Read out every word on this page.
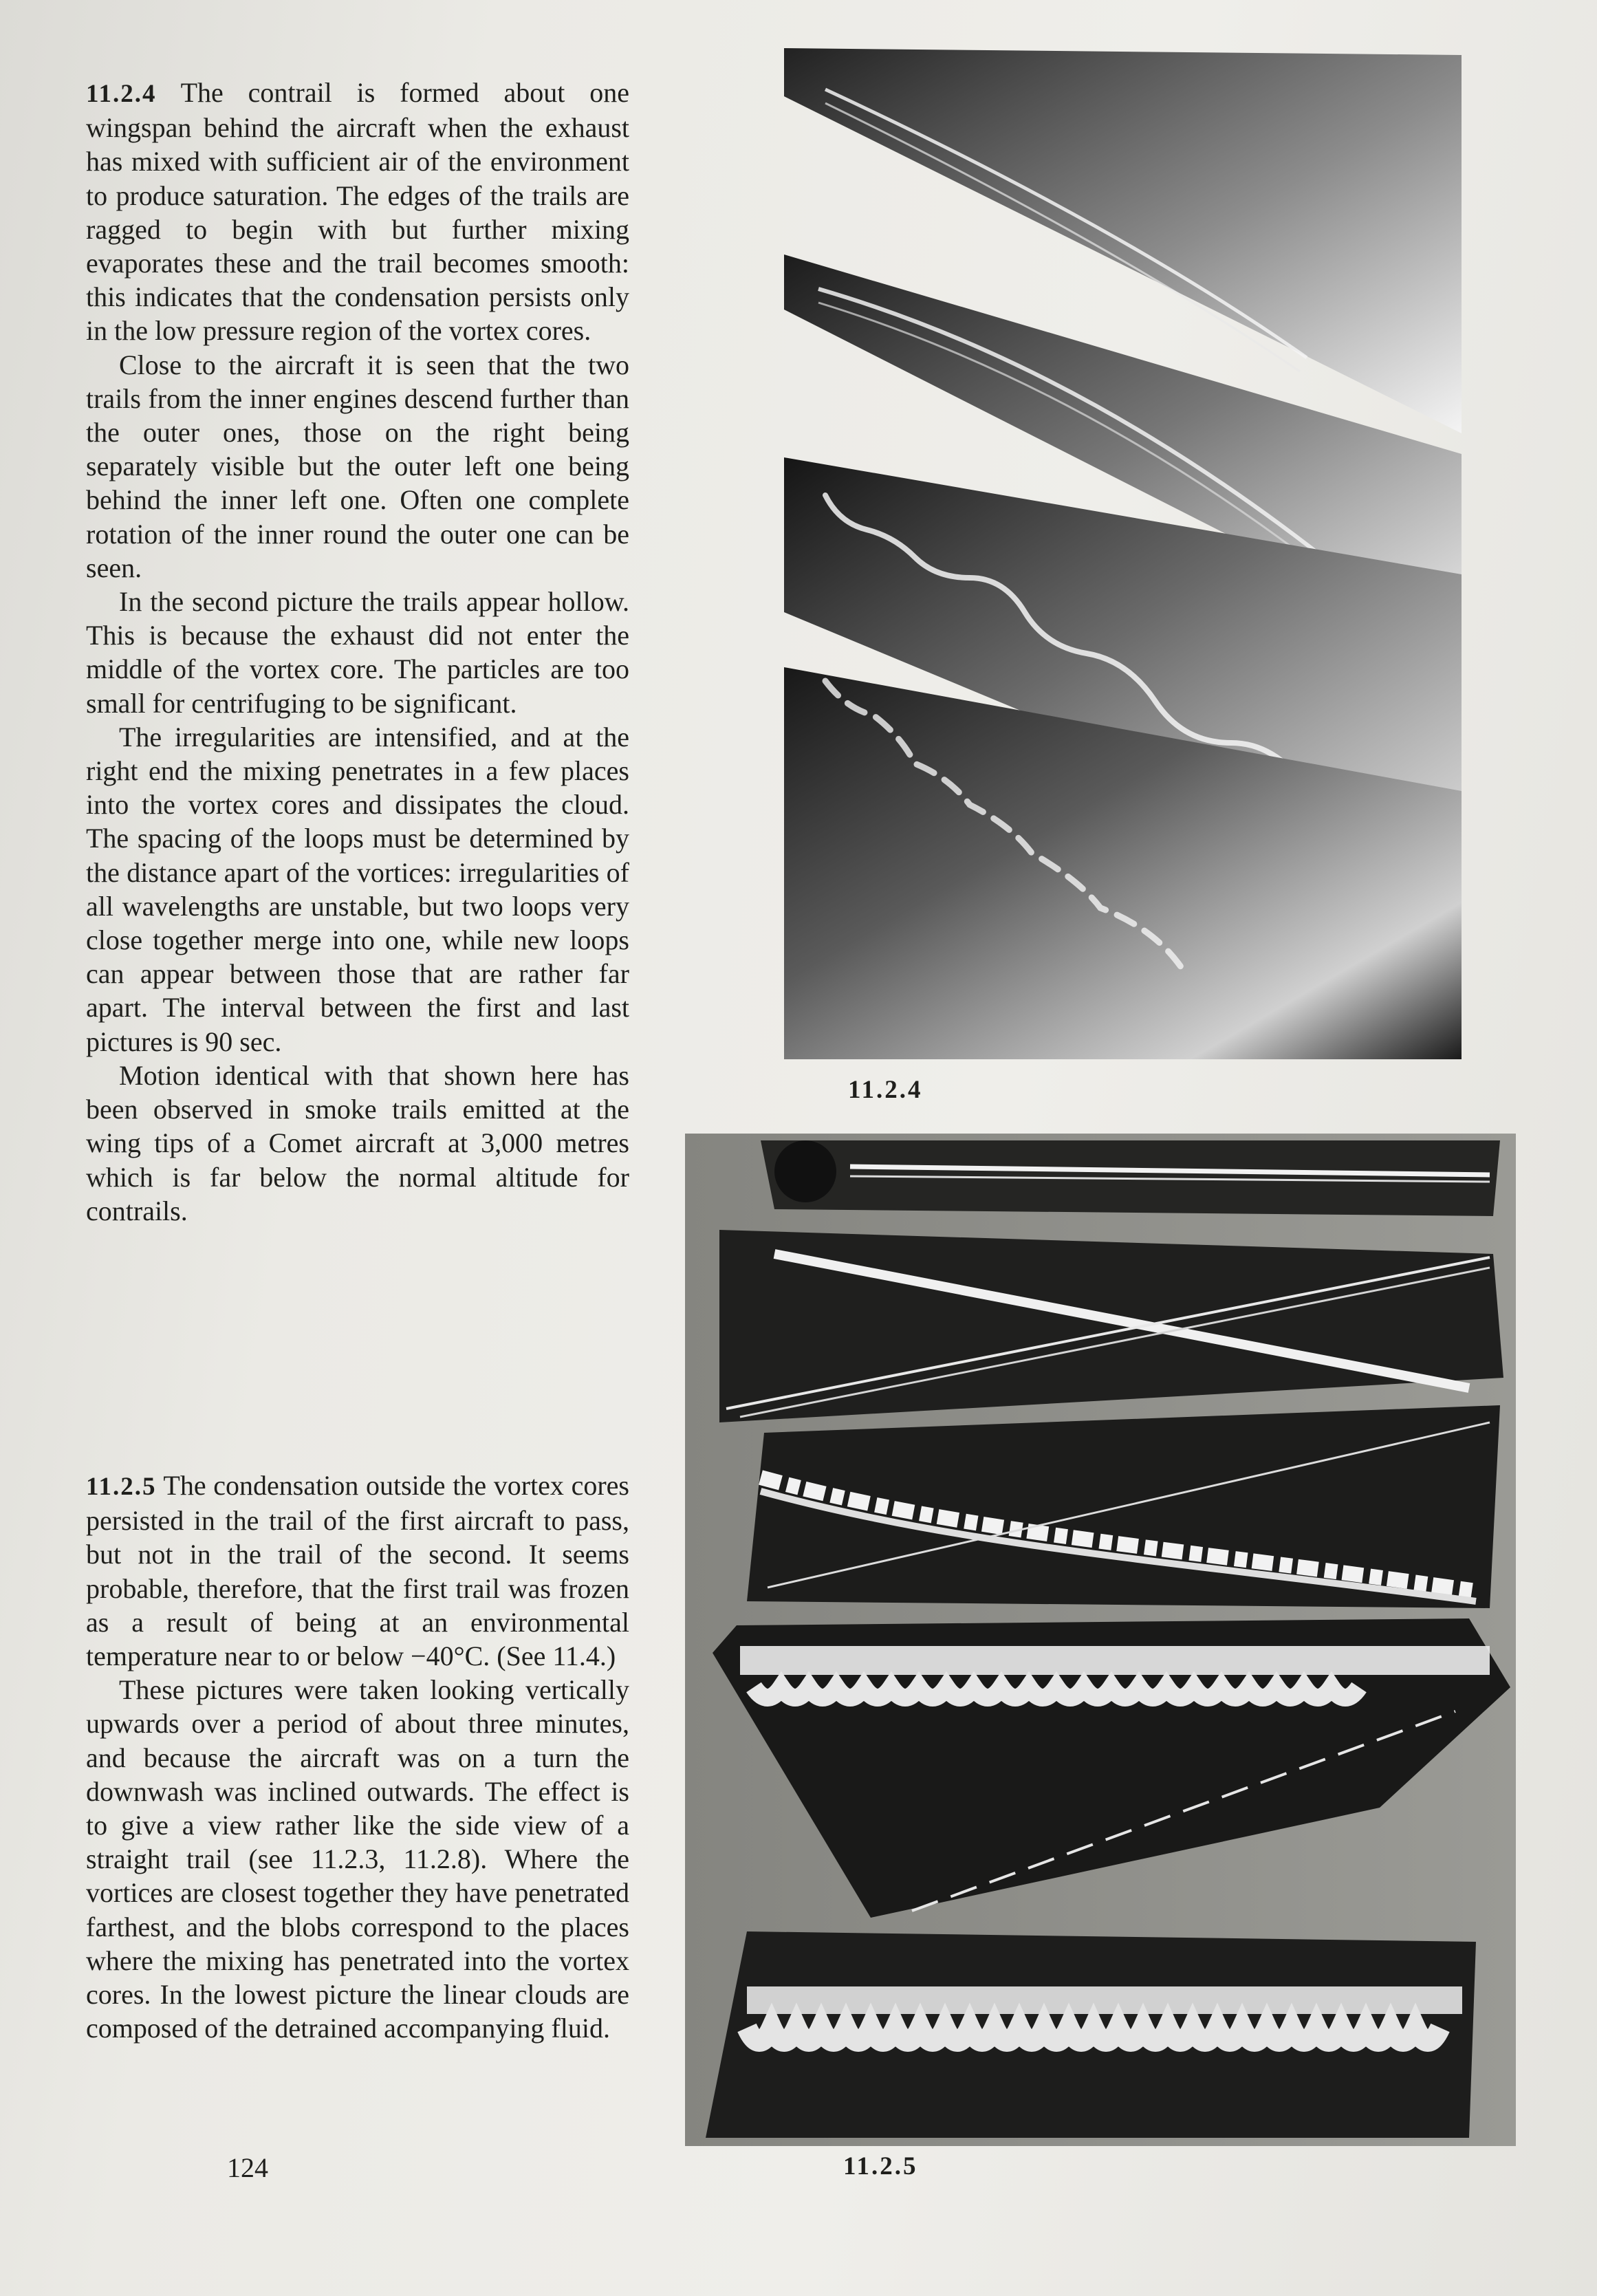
11.2.4 The contrail is formed about one wingspan behind the aircraft when the exhaust has mixed with sufficient air of the environment to produce saturation. The edges of the trails are ragged to begin with but further mixing evaporates these and the trail becomes smooth: this indicates that the condensation persists only in the low pressure region of the vortex cores.

Close to the aircraft it is seen that the two trails from the inner engines descend further than the outer ones, those on the right being separately visible but the outer left one being behind the inner left one. Often one complete rotation of the inner round the outer one can be seen.

In the second picture the trails appear hollow. This is because the exhaust did not enter the middle of the vortex core. The particles are too small for centrifuging to be significant.

The irregularities are intensified, and at the right end the mixing penetrates in a few places into the vortex cores and dissipates the cloud. The spacing of the loops must be determined by the distance apart of the vortices: irregularities of all wavelengths are unstable, but two loops very close together merge into one, while new loops can appear between those that are rather far apart. The interval between the first and last pictures is 90 sec.

Motion identical with that shown here has been observed in smoke trails emitted at the wing tips of a Comet aircraft at 3,000 metres which is far below the normal altitude for contrails.

11.2.5 The condensation outside the vortex cores persisted in the trail of the first aircraft to pass, but not in the trail of the second. It seems probable, therefore, that the first trail was frozen as a result of being at an environmental temperature near to or below −40°C. (See 11.4.)

These pictures were taken looking vertically upwards over a period of about three minutes, and because the aircraft was on a turn the downwash was inclined outwards. The effect is to give a view rather like the side view of a straight trail (see 11.2.3, 11.2.8). Where the vortices are closest together they have penetrated farthest, and the blobs correspond to the places where the mixing has penetrated into the vortex cores. In the lowest picture the linear clouds are composed of the detrained accompanying fluid.

124
11.2.4
11.2.5
